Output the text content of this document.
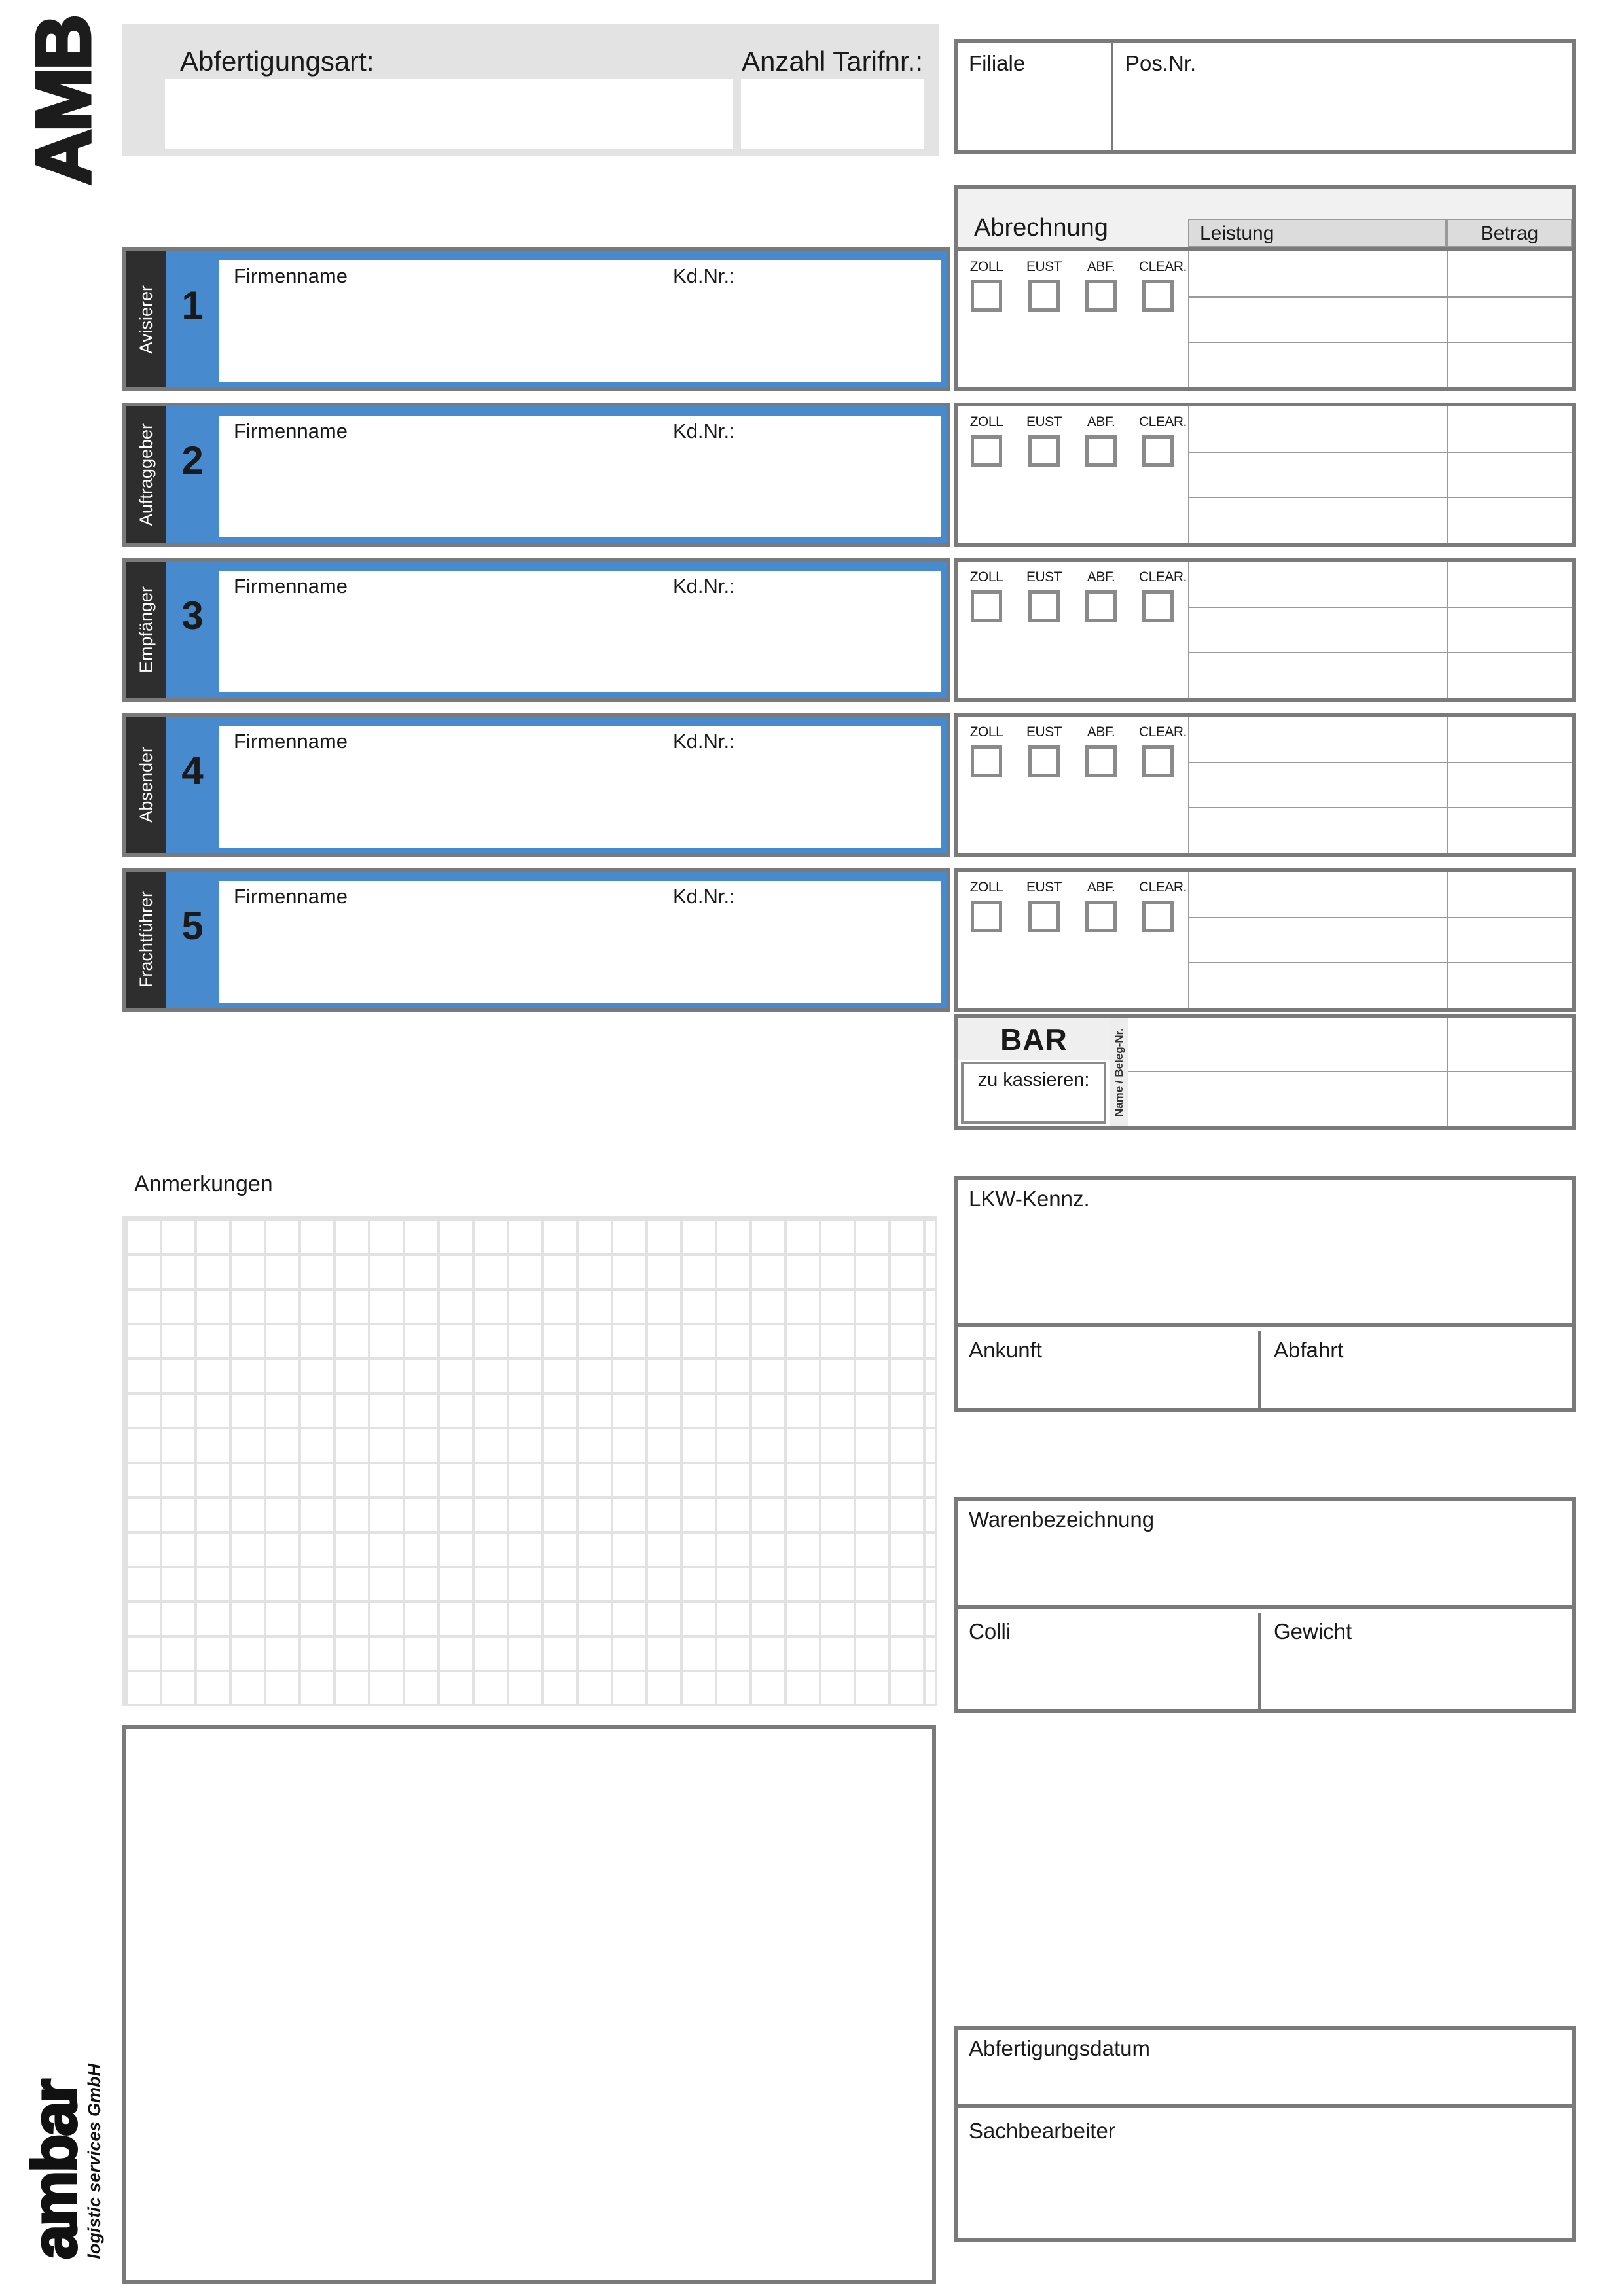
AMB	Abfertigungsart:	Anzahl Tarifnr.:	Filiale	Pos.Nr.
Abrechnung	Leistung	Betrag
Avisierer 1
Firmenname	Kd.Nr.:
Auftraggeber 2
Firmenname	Kd.Nr.:
Empfänger 3
Firmenname	Kd.Nr.:
Absender 4
Firmenname	Kd.Nr.:
Frachtführer 5
Firmenname	Kd.Nr.:
ZOLL EUST	ABF.	CLEAR.
ZOLL EUST	ABF.	CLEAR.
ZOLL EUST	ABF.	CLEAR.
ZOLL EUST	ABF.	CLEAR.
ZOLL EUST	ABF.	CLEAR.
BAR
zu kassieren:	Name / Beleg-Nr.
Anmerkungen
LKW-Kennz.
Ankunft	Abfahrt
Warenbezeichnung
Colli	Gewicht
Abfertigungsdatum
Sachbearbeiter
ambar
logistic services GmbH
